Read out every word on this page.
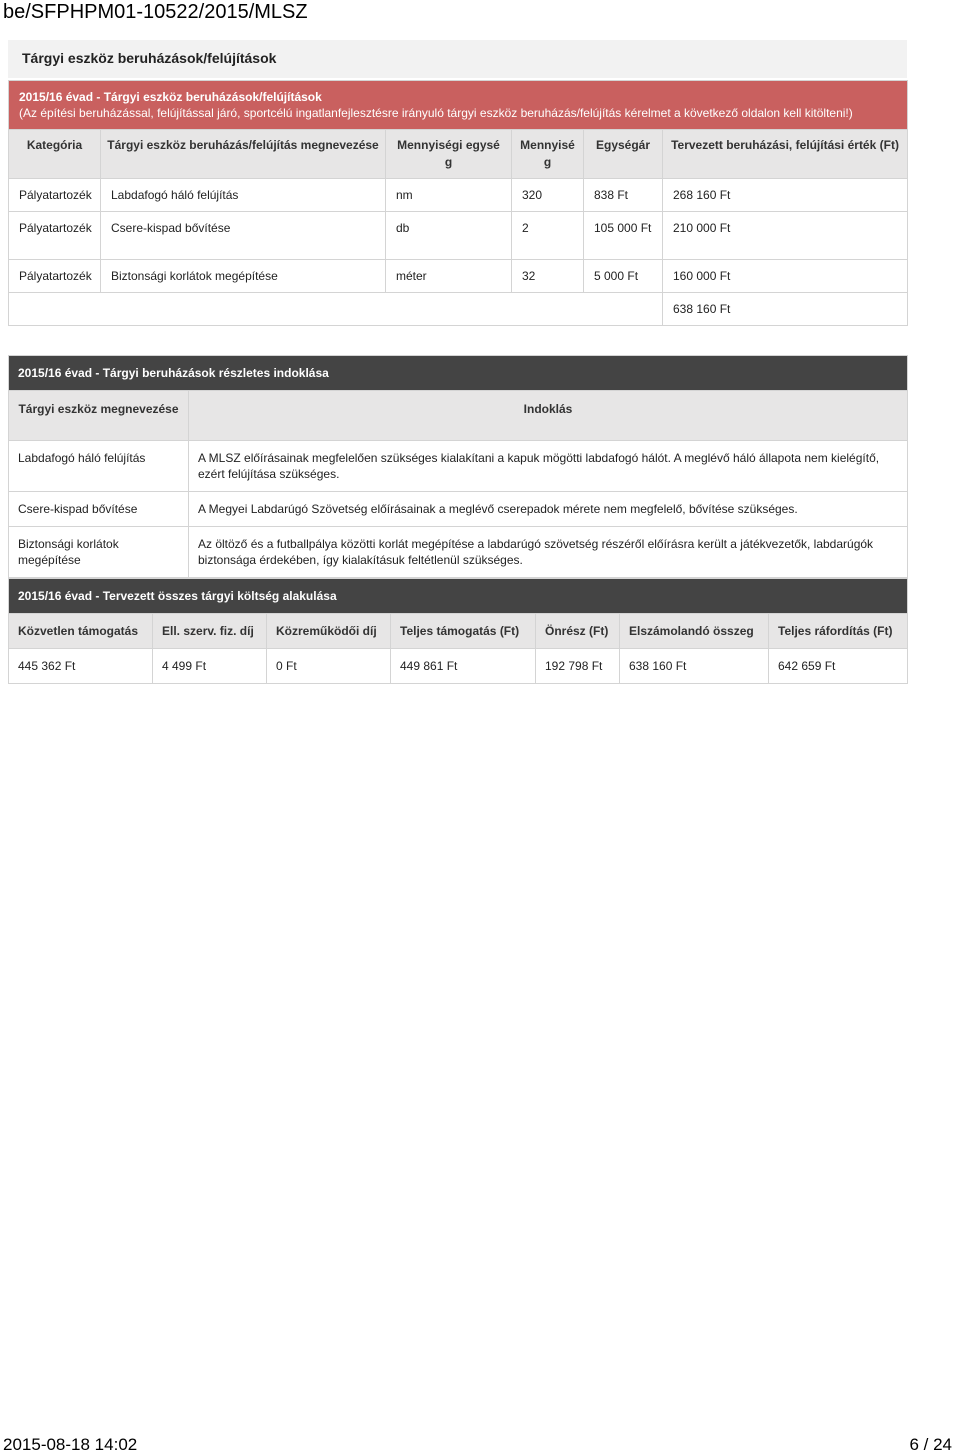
be/SFPHPM01-10522/2015/MLSZ
Tárgyi eszköz beruházások/felújítások
2015/16 évad - Tárgyi eszköz beruházások/felújítások
(Az építési beruházással, felújítással járó, sportcélú ingatlanfejlesztésre irányuló tárgyi eszköz beruházás/felújítás kérelmet a következő oldalon kell kitölteni!)					

Kategória	Tárgyi eszköz beruházás/felújítás megnevezése	Mennyiségi egysé g	Mennyisé g	Egységár	Tervezett beruházási, felújítási érték (Ft)
Pályatartozék	Labdafogó háló felújítás	nm	320	838 Ft	268 160 Ft
Pályatartozék	Csere-kispad bővítése	db	2	105 000 Ft	210 000 Ft
Pályatartozék	Biztonsági korlátok megépítése	méter	32	5 000 Ft	160 000 Ft
					638 160 Ft
2015/16 évad - Tárgyi beruházások részletes indoklása	
Tárgyi eszköz megnevezése	Indoklás
Labdafogó háló felújítás	A MLSZ előírásainak megfelelően szükséges kialakítani a kapuk mögötti labdafogó hálót. A meglévő háló állapota nem kielégítő, ezért felújítása szükséges.
Csere-kispad bővítése	A Megyei Labdarúgó Szövetség előírásainak a meglévő cserepadok mérete nem megfelelő, bővítése szükséges.
Biztonsági korlátok megépítése	Az öltöző és a futballpálya közötti korlát megépítése a labdarúgó szövetség részéről előírásra került a játékvezetők, labdarúgók biztonsága érdekében, így kialakításuk feltétlenül szükséges.
2015/16 évad - Tervezett összes tárgyi költség alakulása						
Közvetlen támogatás	Ell. szerv. fiz. díj	Közreműködői díj	Teljes támogatás (Ft)	Önrész (Ft)	Elszámolandó összeg	Teljes ráfordítás (Ft)
445 362 Ft	4 499 Ft	0 Ft	449 861 Ft	192 798 Ft	638 160 Ft	642 659 Ft
2015-08-18 14:02	6 / 24
